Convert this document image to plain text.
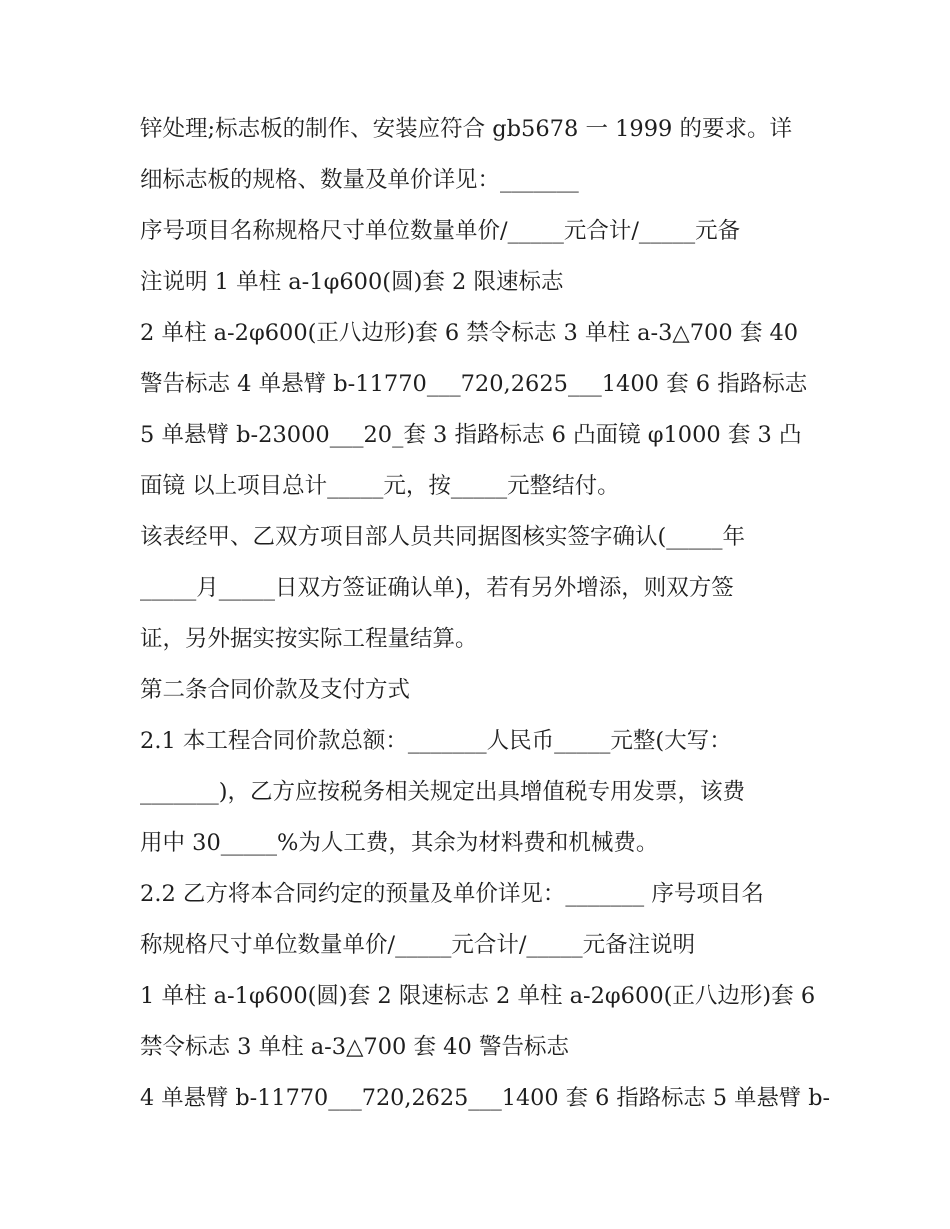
锌处理;标志板的制作、安装应符合 gb5678 一 1999 的要求。详
细标志板的规格、数量及单价详见：_______
序号项目名称规格尺寸单位数量单价/_____元合计/_____元备
注说明 1 单柱 a-1φ600(圆)套 2 限速标志
2 单柱 a-2φ600(正八边形)套 6 禁令标志 3 单柱 a-3△700 套 40
警告标志 4 单悬臂 b-11770___720,2625___1400 套 6 指路标志
5 单悬臂 b-23000___20_套 3 指路标志 6 凸面镜 φ1000 套 3 凸
面镜 以上项目总计_____元，按_____元整结付。
该表经甲、乙双方项目部人员共同据图核实签字确认(_____年
_____月_____日双方签证确认单)，若有另外增添，则双方签
证，另外据实按实际工程量结算。
第二条合同价款及支付方式
2.1 本工程合同价款总额：_______人民币_____元整(大写：
_______)，乙方应按税务相关规定出具增值税专用发票，该费
用中 30_____%为人工费，其余为材料费和机械费。
2.2 乙方将本合同约定的预量及单价详见：_______ 序号项目名
称规格尺寸单位数量单价/_____元合计/_____元备注说明
1 单柱 a-1φ600(圆)套 2 限速标志 2 单柱 a-2φ600(正八边形)套 6
禁令标志 3 单柱 a-3△700 套 40 警告标志
4 单悬臂 b-11770___720,2625___1400 套 6 指路标志 5 单悬臂 b-
